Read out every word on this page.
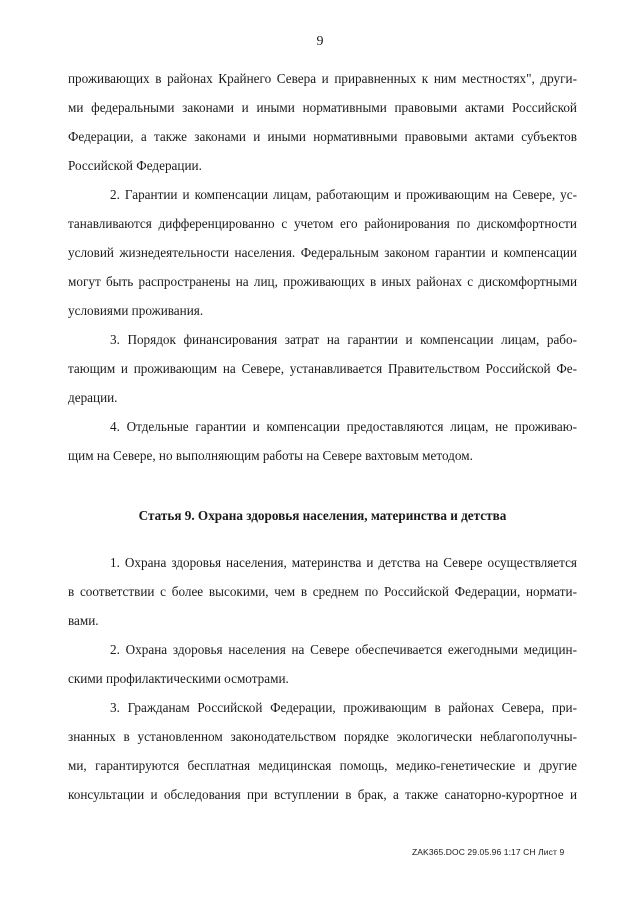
9
проживающих в районах Крайнего Севера и приравненных к ним местностях", други-
ми федеральными законами и иными нормативными правовыми актами Российской
Федерации, а также законами и иными нормативными правовыми актами субъектов
Российской Федерации.
2. Гарантии и компенсации лицам, работающим и проживающим на Севере, ус-
танавливаются дифференцированно с учетом его районирования по дискомфортности
условий жизнедеятельности населения. Федеральным законом гарантии и компенсации
могут быть распространены на лиц, проживающих в иных районах с дискомфортными
условиями проживания.
3. Порядок финансирования затрат на гарантии и компенсации лицам, рабо-
тающим и проживающим на Севере, устанавливается Правительством Российской Фе-
дерации.
4. Отдельные гарантии и компенсации предоставляются лицам, не проживаю-
щим на Севере, но выполняющим работы на Севере вахтовым методом.
Статья 9. Охрана здоровья населения, материнства и детства
1. Охрана здоровья населения, материнства и детства на Севере осуществляется
в соответствии с более высокими, чем в среднем по Российской Федерации, нормати-
вами.
2. Охрана здоровья населения на Севере обеспечивается ежегодными медицин-
скими профилактическими осмотрами.
3. Гражданам Российской Федерации, проживающим в районах Севера, при-
знанных в установленном законодательством порядке экологически неблагополучны-
ми, гарантируются бесплатная медицинская помощь, медико-генетические и другие
консультации и обследования при вступлении в брак, а также санаторно-курортное и
ZAK365.DOC 29.05.96 1:17 CH Лист 9
